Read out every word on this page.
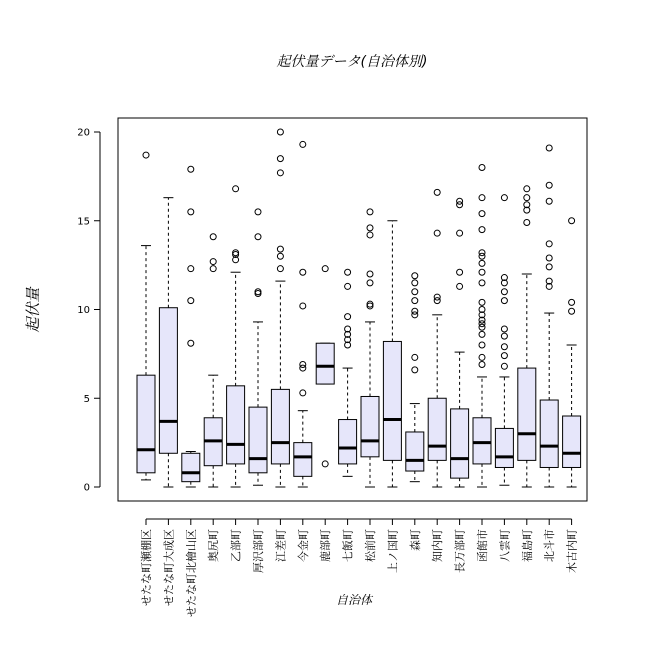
起伏量データ(自治体別)
0
5
10
15
20
せたな町瀬棚区 せたな町大成区 せたな町北檜山区 奥尻町 乙部町 厚沢部町 江差町 今金町 鹿部町 七飯町 松前町 上ノ国町 森町 知内町 長万部町 函館市 八雲町 福島町 北斗市 木古内町
自治体
起伏量
